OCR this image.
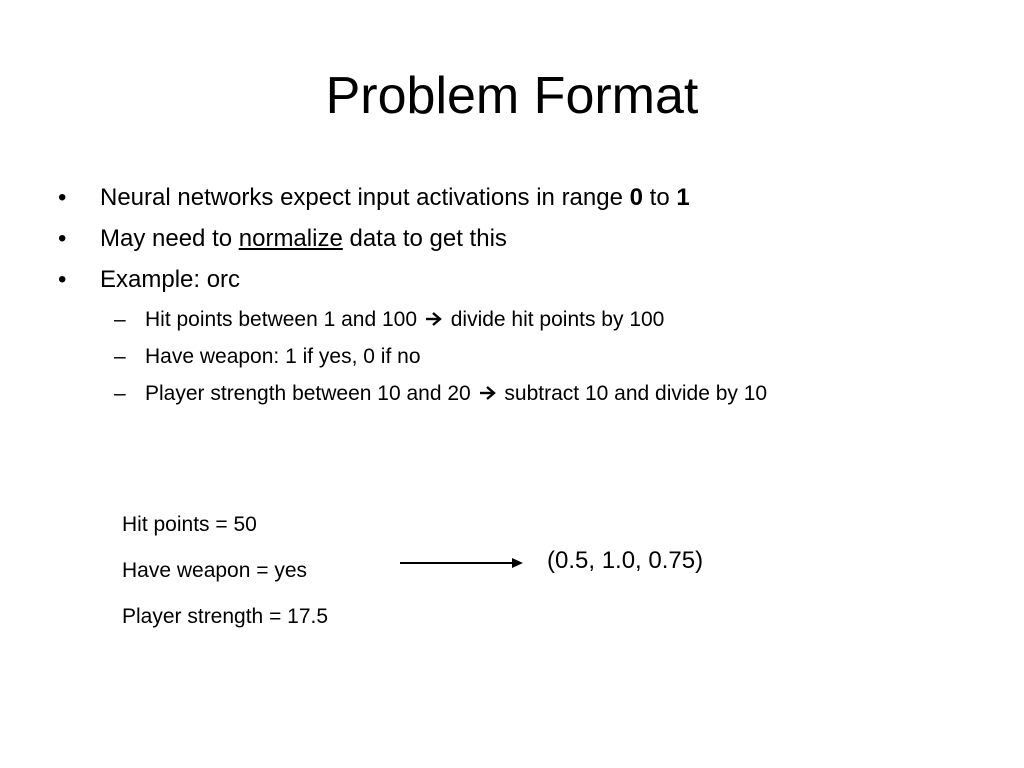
Problem Format
•	Neural networks expect input activations in range 0 to 1
•	May need to normalize data to get this
•	Example: orc
– Hit points between 1 and 100 divide hit points by 100
– Have weapon: 1 if yes, 0 if no
– Player strength between 10 and 20 subtract 10 and divide by 10
Hit points = 50
Have weapon = yes
Player strength = 17.5
(0.5, 1.0, 0.75)
